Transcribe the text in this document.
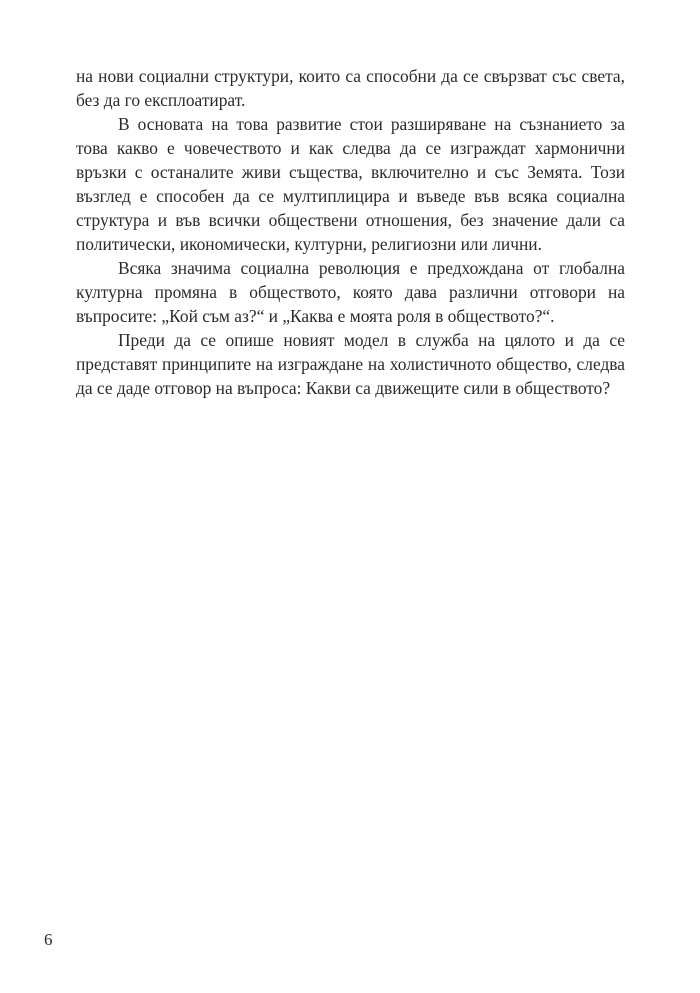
на нови социални структури, които са способни да се свързват със света, без да го експлоатират.

В основата на това развитие стои разширяване на съзнанието за това какво е човечеството и как следва да се изграждат хармонични връзки с останалите живи същества, включително и със Земята. Този възглед е способен да се мултиплицира и въведе във всяка социална структура и във всички обществени отношения, без значение дали са политически, икономически, културни, религиозни или лични.

Всяка значима социална революция е предхождана от глобална културна промяна в обществото, която дава различни отговори на въпросите: „Кой съм аз?“ и „Каква е моята роля в обществото?“.

Преди да се опише новият модел в служба на цялото и да се представят принципите на изграждане на холистичното общество, следва да се даде отговор на въпроса: Какви са движещите сили в обществото?

6
